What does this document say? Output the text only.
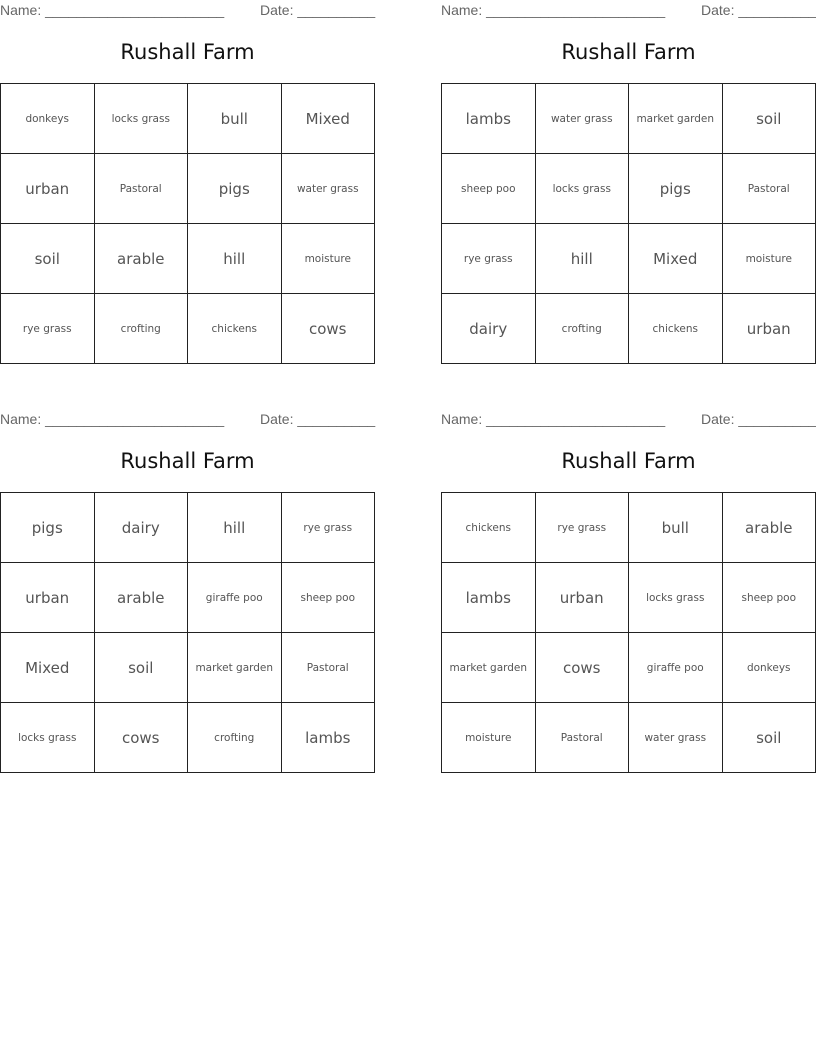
Name: _______________________	Date: __________
Rushall Farm
donkeys	locks grass	bull	Mixed
urban	Pastoral	pigs	water grass
soil	arable	hill	moisture
rye grass	crofting	chickens	cows
Name: _______________________	Date: __________
Rushall Farm
lambs	water grass	market garden	soil
sheep poo	locks grass	pigs	Pastoral
rye grass	hill	Mixed	moisture
dairy	crofting	chickens	urban
Name: _______________________	Date: __________
Rushall Farm
pigs	dairy	hill	rye grass
urban	arable	giraffe poo	sheep poo
Mixed	soil	market garden	Pastoral
locks grass	cows	crofting	lambs
Name: _______________________	Date: __________
Rushall Farm
chickens	rye grass	bull	arable
lambs	urban	locks grass	sheep poo
market garden	cows	giraffe poo	donkeys
moisture	Pastoral	water grass	soil
